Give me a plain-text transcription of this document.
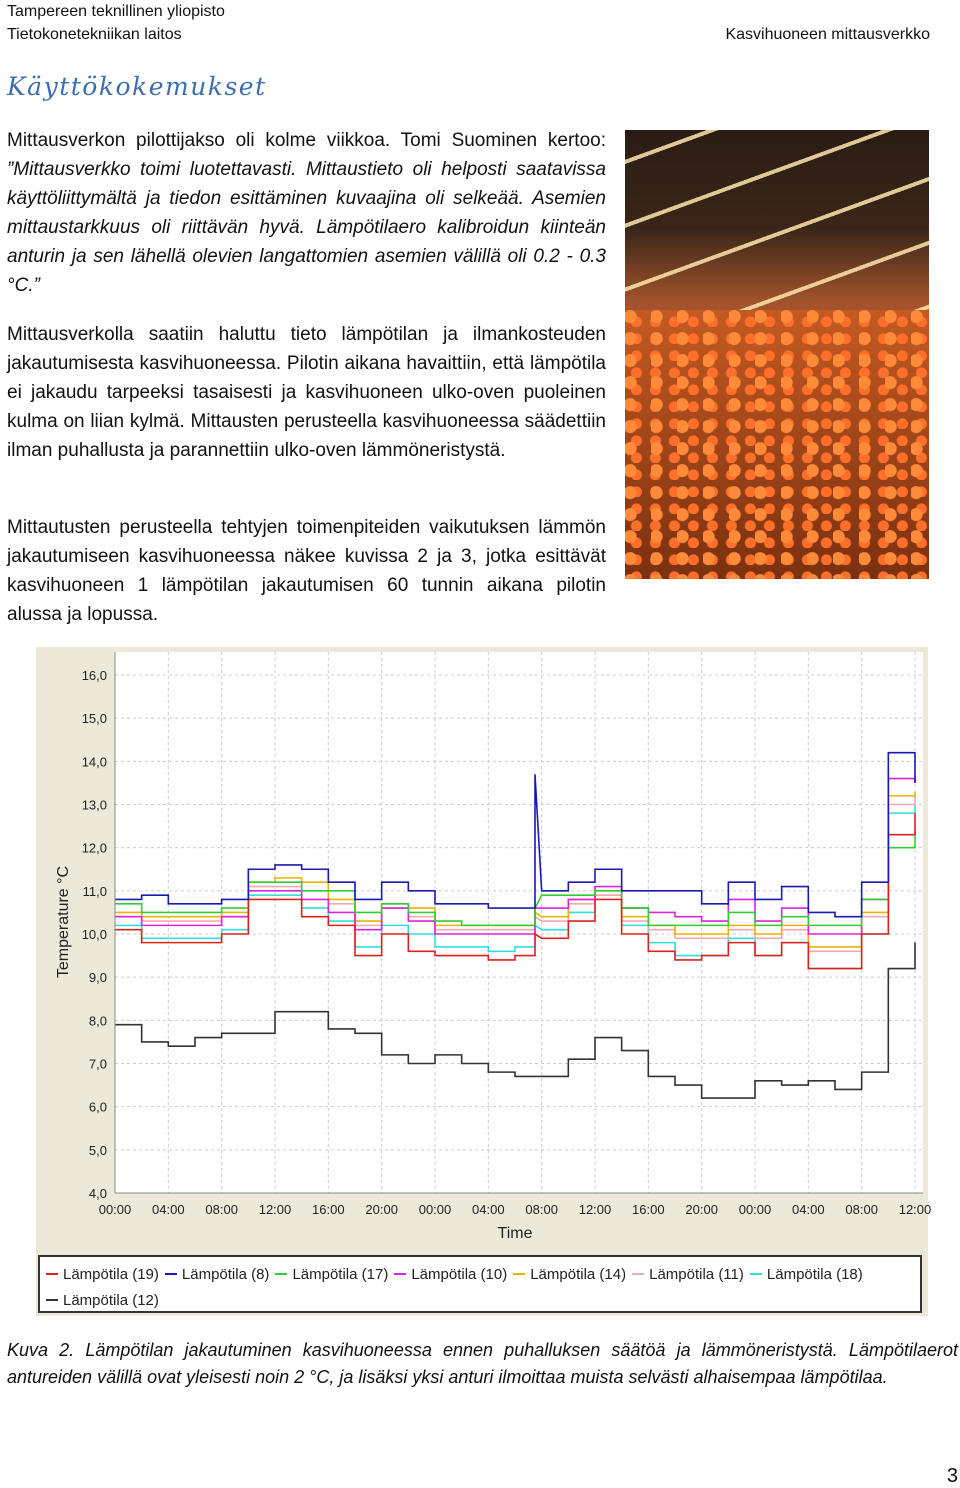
Tampereen teknillinen yliopisto
Tietokonetekniikan laitos	Kasvihuoneen mittausverkko
Käyttökokemukset
Mittausverkon pilottijakso oli kolme viikkoa. Tomi Suominen kertoo: ”Mittausverkko toimi luotettavasti. Mittaustieto oli helposti saatavissa käyttöliittymältä ja tiedon esittäminen kuvaajina oli selkeää. Asemien mittaustarkkuus oli riittävän hyvä. Lämpötilaero kalibroidun kiinteän anturin ja sen lähellä olevien langattomien asemien välillä oli 0.2 - 0.3 °C.”
Mittausverkolla saatiin haluttu tieto lämpötilan ja ilmankosteuden jakautumisesta kasvihuoneessa. Pilotin aikana havaittiin, että lämpötila ei jakaudu tarpeeksi tasaisesti ja kasvihuoneen ulko-oven puoleinen kulma on liian kylmä. Mittausten perusteella kasvihuoneessa säädettiin ilman puhallusta ja parannettiin ulko-oven lämmöneristystä.
Mittautusten perusteella tehtyjen toimenpiteiden vaikutuksen lämmön jakautumiseen kasvihuoneessa näkee kuvissa 2 ja 3, jotka esittävät kasvihuoneen 1 lämpötilan jakautumisen 60 tunnin aikana pilotin alussa ja lopussa.
4,0
5,0
6,0
7,0
8,0
9,0
10,0
11,0
12,0
13,0
14,0
15,0
16,0
00:00 04:00 08:00 12:00 16:00 20:00 00:00 04:00 08:00 12:00 16:00 20:00 00:00 04:00 08:00 12:00
Time
Temperature °C
Lämpötila (19) Lämpötila (8) Lämpötila (17) Lämpötila (10) Lämpötila (14) Lämpötila (11) Lämpötila (18)
Lämpötila (12)
Kuva 2. Lämpötilan jakautuminen kasvihuoneessa ennen puhalluksen säätöä ja lämmöneristystä. Lämpötilaerot antureiden välillä ovat yleisesti noin 2 °C, ja lisäksi yksi anturi ilmoittaa muista selvästi alhaisempaa lämpötilaa.
3
